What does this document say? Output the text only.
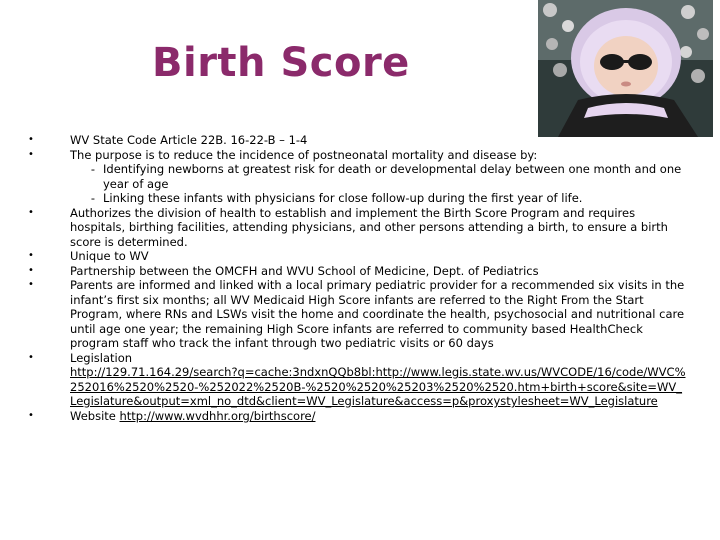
Birth Score
•	WV State Code Article 22B. 16-22-B – 1-4
•	The purpose is to reduce the incidence of postneonatal mortality and disease by:
‐ Identifying newborns at greatest risk for death or developmental delay between one month and one year of age
‐ Linking these infants with physicians for close follow-up during the first year of life.
•	Authorizes the division of health to establish and implement the Birth Score Program and requires hospitals, birthing facilities, attending physicians, and other persons attending a birth, to ensure a birth score is determined.
•	Unique to WV
•	Partnership between the OMCFH and WVU School of Medicine, Dept. of Pediatrics
•	Parents are informed and linked with a local primary pediatric provider for a recommended six visits in the infant’s first six months; all WV Medicaid High Score infants are referred to the Right From the Start Program, where RNs and LSWs visit the home and coordinate the health, psychosocial and nutritional care until age one year; the remaining High Score infants are referred to community based HealthCheck program staff who track the infant through two pediatric visits or 60 days
•	Legislation
http://129.71.164.29/search?q=cache:3ndxnQQb8bl:http://www.legis.state.wv.us/WVCODE/16/code/WVC%252016%2520%2520-%252022%2520B-%2520%2520%25203%2520%2520.htm+birth+score&site=WV_Legislature&output=xml_no_dtd&client=WV_Legislature&access=p&proxystylesheet=WV_Legislature
•	Website http://www.wvdhhr.org/birthscore/
